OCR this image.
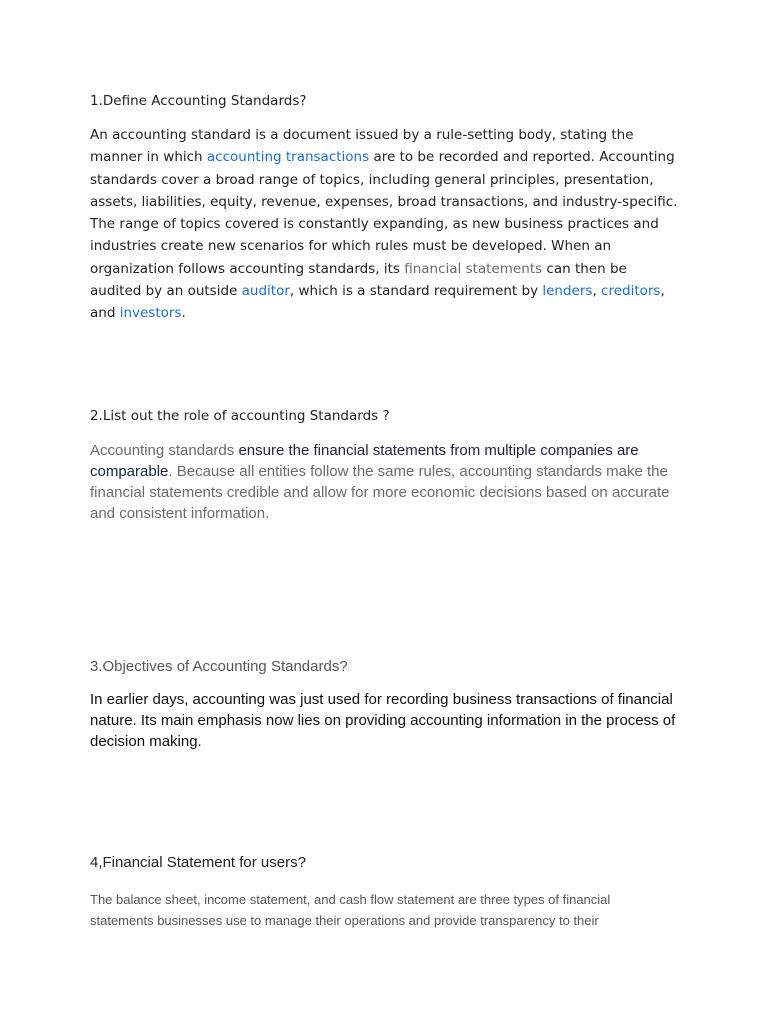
1.Define Accounting Standards?

An accounting standard is a document issued by a rule-setting body, stating the manner in which accounting transactions are to be recorded and reported. Accounting standards cover a broad range of topics, including general principles, presentation, assets, liabilities, equity, revenue, expenses, broad transactions, and industry-specific. The range of topics covered is constantly expanding, as new business practices and industries create new scenarios for which rules must be developed. When an organization follows accounting standards, its financial statements can then be audited by an outside auditor, which is a standard requirement by lenders, creditors, and investors.

2.List out the role of accounting Standards ?

Accounting standards ensure the financial statements from multiple companies are comparable. Because all entities follow the same rules, accounting standards make the financial statements credible and allow for more economic decisions based on accurate and consistent information.

3.Objectives of Accounting Standards?

In earlier days, accounting was just used for recording business transactions of financial nature. Its main emphasis now lies on providing accounting information in the process of decision making.

4,Financial Statement for users?

The balance sheet, income statement, and cash flow statement are three types of financial statements businesses use to manage their operations and provide transparency to their
